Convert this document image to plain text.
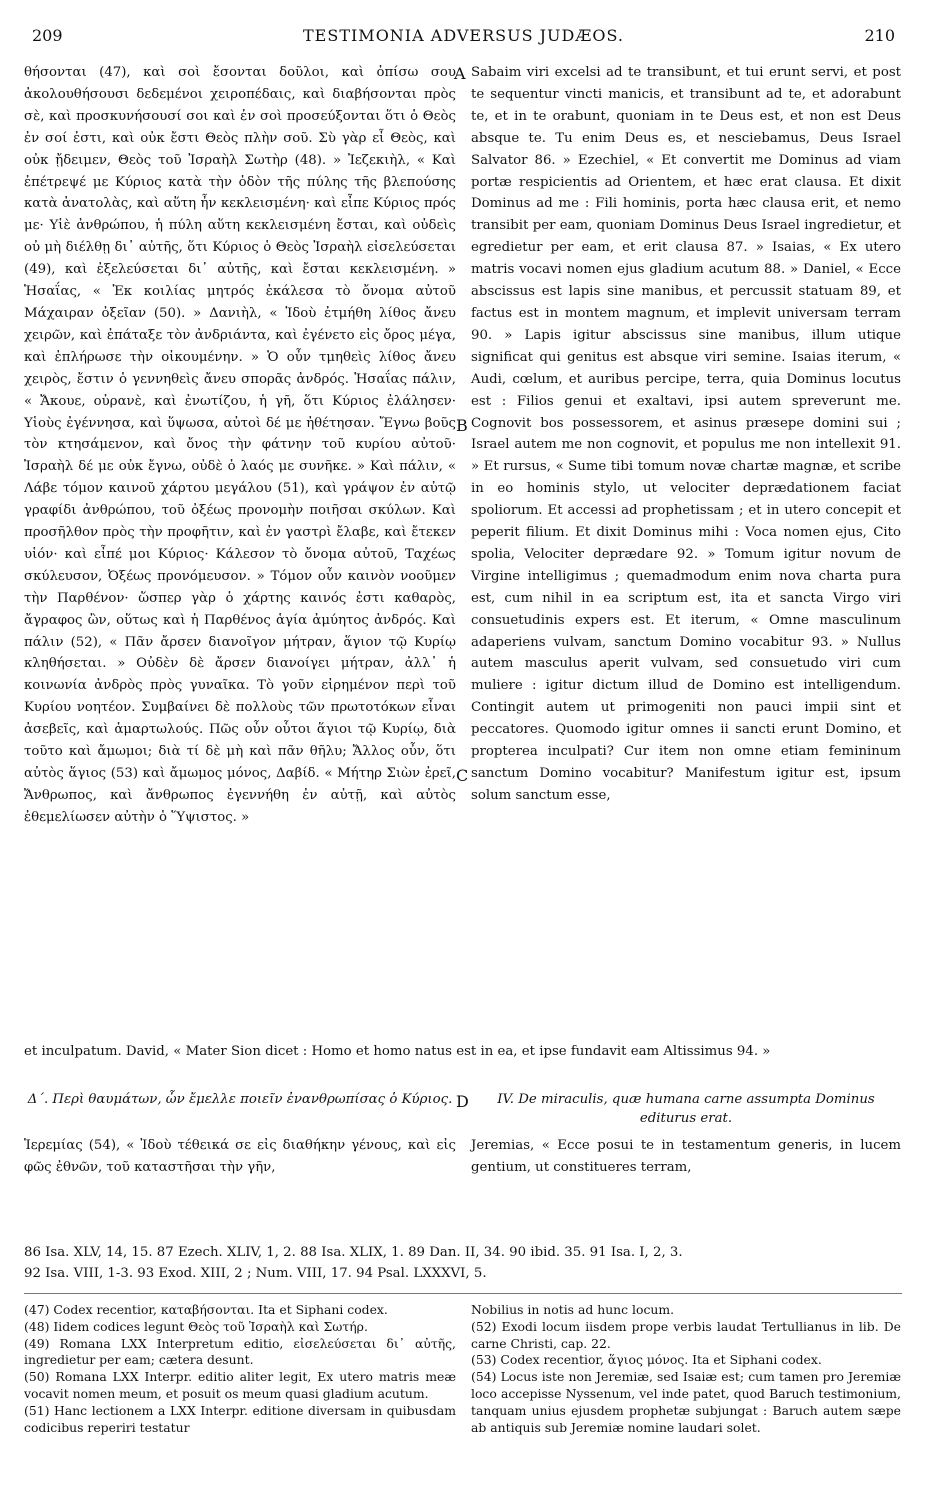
209	TESTIMONIA ADVERSUS JUDÆOS.	210

θήσονται (47), καὶ σοὶ ἔσονται δοῦλοι, καὶ ὀπίσω σου ἀκολουθήσουσι δεδεμένοι χειροπέδαις, καὶ διαβήσονται πρὸς σὲ, καὶ προσκυνήσουσί σοι καὶ ἐν σοὶ προσεύξονται ὅτι ὁ Θεὸς ἐν σοί ἐστι, καὶ οὐκ ἔστι Θεὸς πλὴν σοῦ. Σὺ γὰρ εἶ Θεὸς, καὶ οὐκ ᾔδειμεν, Θεὸς τοῦ Ἰσραὴλ Σωτὴρ (48). » Ἰεζεκιὴλ, « Καὶ ἐπέτρεψέ με Κύριος κατὰ τὴν ὁδὸν τῆς πύλης τῆς βλεπούσης κατὰ ἀνατολὰς, καὶ αὕτη ἦν κεκλεισμένη· καὶ εἶπε Κύριος πρός με· Υἱὲ ἀνθρώπου, ἡ πύλη αὕτη κεκλεισμένη ἔσται, καὶ οὐδεὶς οὐ μὴ διέλθῃ δι᾽ αὐτῆς, ὅτι Κύριος ὁ Θεὸς Ἰσραὴλ εἰσελεύσεται (49), καὶ ἐξελεύσεται δι᾽ αὐτῆς, καὶ ἔσται κεκλεισμένη. » Ἡσαΐας, « Ἐκ κοιλίας μητρός ἐκάλεσα τὸ ὄνομα αὐτοῦ Μάχαιραν ὀξεῖαν (50). » Δανιὴλ, « Ἰδοὺ ἐτμήθη λίθος ἄνευ χειρῶν, καὶ ἐπάταξε τὸν ἀνδριάντα, καὶ ἐγένετο εἰς ὄρος μέγα, καὶ ἐπλήρωσε τὴν οἰκουμένην. » Ὁ οὖν τμηθεὶς λίθος ἄνευ χειρὸς, ἔστιν ὁ γεννηθεὶς ἄνευ σπορᾶς ἀνδρός. Ἡσαΐας πάλιν, « Ἄκουε, οὐρανὲ, καὶ ἐνωτίζου, ἡ γῆ, ὅτι Κύριος ἐλάλησεν· Υἱοὺς ἐγέννησα, καὶ ὕψωσα, αὐτοὶ δέ με ἠθέτησαν. Ἔγνω βοῦς τὸν κτησάμενον, καὶ ὄνος τὴν φάτνην τοῦ κυρίου αὐτοῦ· Ἰσραὴλ δέ με οὐκ ἔγνω, οὐδὲ ὁ λαός με συνῆκε. » Καὶ πάλιν, « Λάβε τόμον καινοῦ χάρτου μεγάλου (51), καὶ γράψον ἐν αὐτῷ γραφίδι ἀνθρώπου, τοῦ ὀξέως προνομὴν ποιῆσαι σκύλων. Καὶ προσῆλθον πρὸς τὴν προφῆτιν, καὶ ἐν γαστρὶ ἔλαβε, καὶ ἔτεκεν υἱόν· καὶ εἶπέ μοι Κύριος· Κάλεσον τὸ ὄνομα αὐτοῦ, Ταχέως σκύλευσον, Ὀξέως προνόμευσον. » Τόμον οὖν καινὸν νοοῦμεν τὴν Παρθένον· ὥσπερ γὰρ ὁ χάρτης καινός ἐστι καθαρὸς, ἄγραφος ὢν, οὕτως καὶ ἡ Παρθένος ἁγία ἀμύητος ἀνδρός. Καὶ πάλιν (52), « Πᾶν ἄρσεν διανοῖγον μήτραν, ἅγιον τῷ Κυρίῳ κληθήσεται. » Οὐδὲν δὲ ἄρσεν διανοίγει μήτραν, ἀλλ᾽ ἡ κοινωνία ἀνδρὸς πρὸς γυναῖκα. Τὸ γοῦν εἰρημένον περὶ τοῦ Κυρίου νοητέον. Συμβαίνει δὲ πολλοὺς τῶν πρωτοτόκων εἶναι ἀσεβεῖς, καὶ ἁμαρτωλούς. Πῶς οὖν οὗτοι ἅγιοι τῷ Κυρίῳ, διὰ τοῦτο καὶ ἄμωμοι; διὰ τί δὲ μὴ καὶ πᾶν θῆλυ; Ἄλλος οὖν, ὅτι αὐτὸς ἅγιος (53) καὶ ἄμωμος μόνος, Δαβίδ. « Μήτηρ Σιὼν ἐρεῖ, Ἄνθρωπος, καὶ ἄνθρωπος ἐγεννήθη ἐν αὐτῇ, καὶ αὐτὸς ἐθεμελίωσεν αὐτὴν ὁ Ὕψιστος. »

Sabaim viri excelsi ad te transibunt, et tui erunt servi, et post te sequentur vincti manicis, et transibunt ad te, et adorabunt te, et in te orabunt, quoniam in te Deus est, et non est Deus absque te. Tu enim Deus es, et nesciebamus, Deus Israel Salvator 86. » Ezechiel, « Et convertit me Dominus ad viam portæ respicientis ad Orientem, et hæc erat clausa. Et dixit Dominus ad me : Fili hominis, porta hæc clausa erit, et nemo transibit per eam, quoniam Dominus Deus Israel ingredietur, et egredietur per eam, et erit clausa 87. » Isaias, « Ex utero matris vocavi nomen ejus gladium acutum 88. » Daniel, « Ecce abscissus est lapis sine manibus, et percussit statuam 89, et factus est in montem magnum, et implevit universam terram 90. » Lapis igitur abscissus sine manibus, illum utique significat qui genitus est absque viri semine. Isaias iterum, « Audi, cœlum, et auribus percipe, terra, quia Dominus locutus est : Filios genui et exaltavi, ipsi autem spreverunt me. Cognovit bos possessorem, et asinus præsepe domini sui ; Israel autem me non cognovit, et populus me non intellexit 91. » Et rursus, « Sume tibi tomum novæ chartæ magnæ, et scribe in eo hominis stylo, ut velociter deprædationem faciat spoliorum. Et accessi ad prophetissam ; et in utero concepit et peperit filium. Et dixit Dominus mihi : Voca nomen ejus, Cito spolia, Velociter deprædare 92. » Tomum igitur novum de Virgine intelligimus ; quemadmodum enim nova charta pura est, cum nihil in ea scriptum est, ita et sancta Virgo viri consuetudinis expers est. Et iterum, « Omne masculinum adaperiens vulvam, sanctum Domino vocabitur 93. » Nullus autem masculus aperit vulvam, sed consuetudo viri cum muliere : igitur dictum illud de Domino est intelligendum. Contingit autem ut primogeniti non pauci impii sint et peccatores. Quomodo igitur omnes ii sancti erunt Domino, et propterea inculpati? Cur item non omne etiam femininum sanctum Domino vocabitur? Manifestum igitur est, ipsum solum sanctum esse,

A
B
C
D

et inculpatum. David, « Mater Sion dicet : Homo et homo natus est in ea, et ipse fundavit eam Altissimus 94. »

Δ´. Περὶ θαυμάτων, ὧν ἔμελλε ποιεῖν ἐνανθρωπίσας ὁ Κύριος.	IV. De miraculis, quæ humana carne assumpta Dominus editurus erat.
Ἱερεμίας (54), « Ἰδοὺ τέθεικά σε εἰς διαθήκην γένους, καὶ εἰς φῶς ἐθνῶν, τοῦ καταστῆσαι τὴν γῆν,
Jeremias, « Ecce posui te in testamentum generis, in lucem gentium, ut constitueres terram,

86 Isa. XLV, 14, 15. 87 Ezech. XLIV, 1, 2. 88 Isa. XLIX, 1. 89 Dan. II, 34. 90 ibid. 35. 91 Isa. I, 2, 3.

92 Isa. VIII, 1-3. 93 Exod. XIII, 2 ; Num. VIII, 17. 94 Psal. LXXXVI, 5.

(47) Codex recentior, καταβήσονται. Ita et Siphani codex.

(48) Iidem codices legunt Θεὸς τοῦ Ἰσραὴλ καὶ Σωτήρ.

(49) Romana LXX Interpretum editio, εἰσελεύσεται δι᾽ αὐτῆς, ingredietur per eam; cætera desunt.

(50) Romana LXX Interpr. editio aliter legit, Ex utero matris meæ vocavit nomen meum, et posuit os meum quasi gladium acutum.

(51) Hanc lectionem a LXX Interpr. editione diversam in quibusdam codicibus reperiri testatur

Nobilius in notis ad hunc locum.

(52) Exodi locum iisdem prope verbis laudat Tertullianus in lib. De carne Christi, cap. 22.

(53) Codex recentior, ἅγιος μόνος. Ita et Siphani codex.

(54) Locus iste non Jeremiæ, sed Isaiæ est; cum tamen pro Jeremiæ loco accepisse Nyssenum, vel inde patet, quod Baruch testimonium, tanquam unius ejusdem prophetæ subjungat : Baruch autem sæpe ab antiquis sub Jeremiæ nomine laudari solet.
